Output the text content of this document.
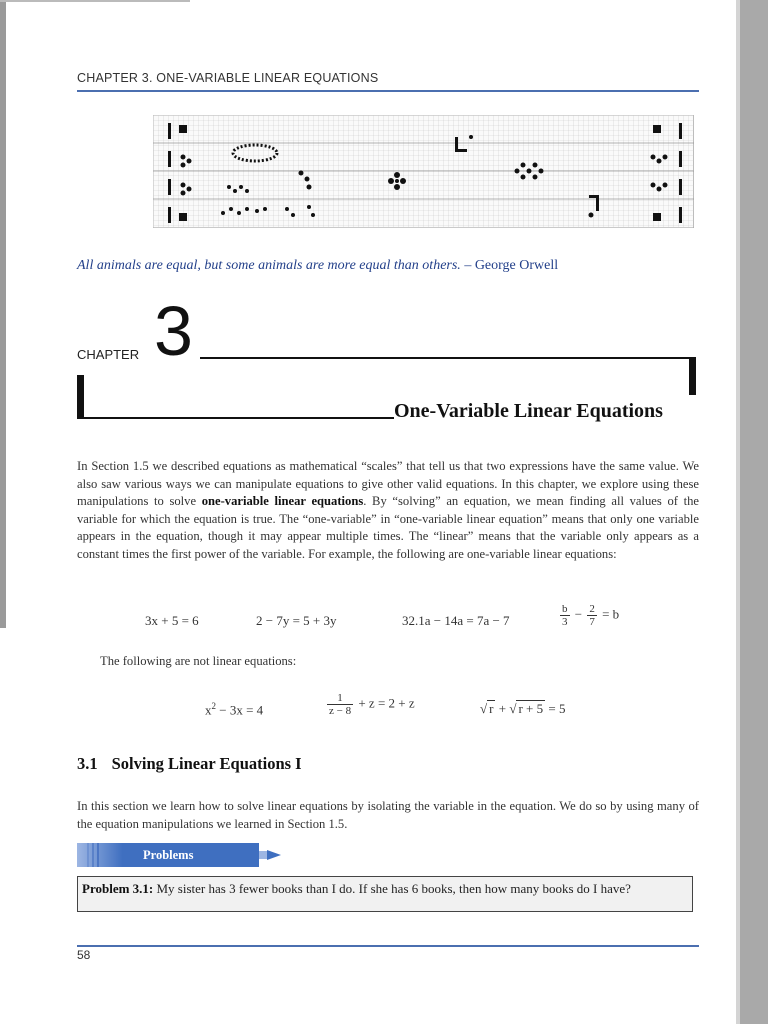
CHAPTER 3. ONE-VARIABLE LINEAR EQUATIONS
All animals are equal, but some animals are more equal than others. – George Orwell
CHAPTER 3
One-Variable Linear Equations
In Section 1.5 we described equations as mathematical “scales” that tell us that two expressions have the same value. We also saw various ways we can manipulate equations to give other valid equations. In this chapter, we explore using these manipulations to solve one-variable linear equations. By “solving” an equation, we mean finding all values of the variable for which the equation is true. The “one-variable” in “one-variable linear equation” means that only one variable appears in the equation, though it may appear multiple times. The “linear” means that the variable only appears as a constant times the first power of the variable. For example, the following are one-variable linear equations:
3x + 5 = 6	2 − 7y = 5 + 3y	32.1a − 14a = 7a − 7	$\frac{b}{3} - \frac{2}{7} = b$
The following are not linear equations:
$x^2 - 3x = 4$	$\frac{1}{z - 8} + z = 2 + z$	√ r + √ r + 5 = 5
3.1 Solving Linear Equations I
In this section we learn how to solve linear equations by isolating the variable in the equation. We do so by using many of the equation manipulations we learned in Section 1.5.
Problems
Problem 3.1: My sister has 3 fewer books than I do. If she has 6 books, then how many books do I have?
58
